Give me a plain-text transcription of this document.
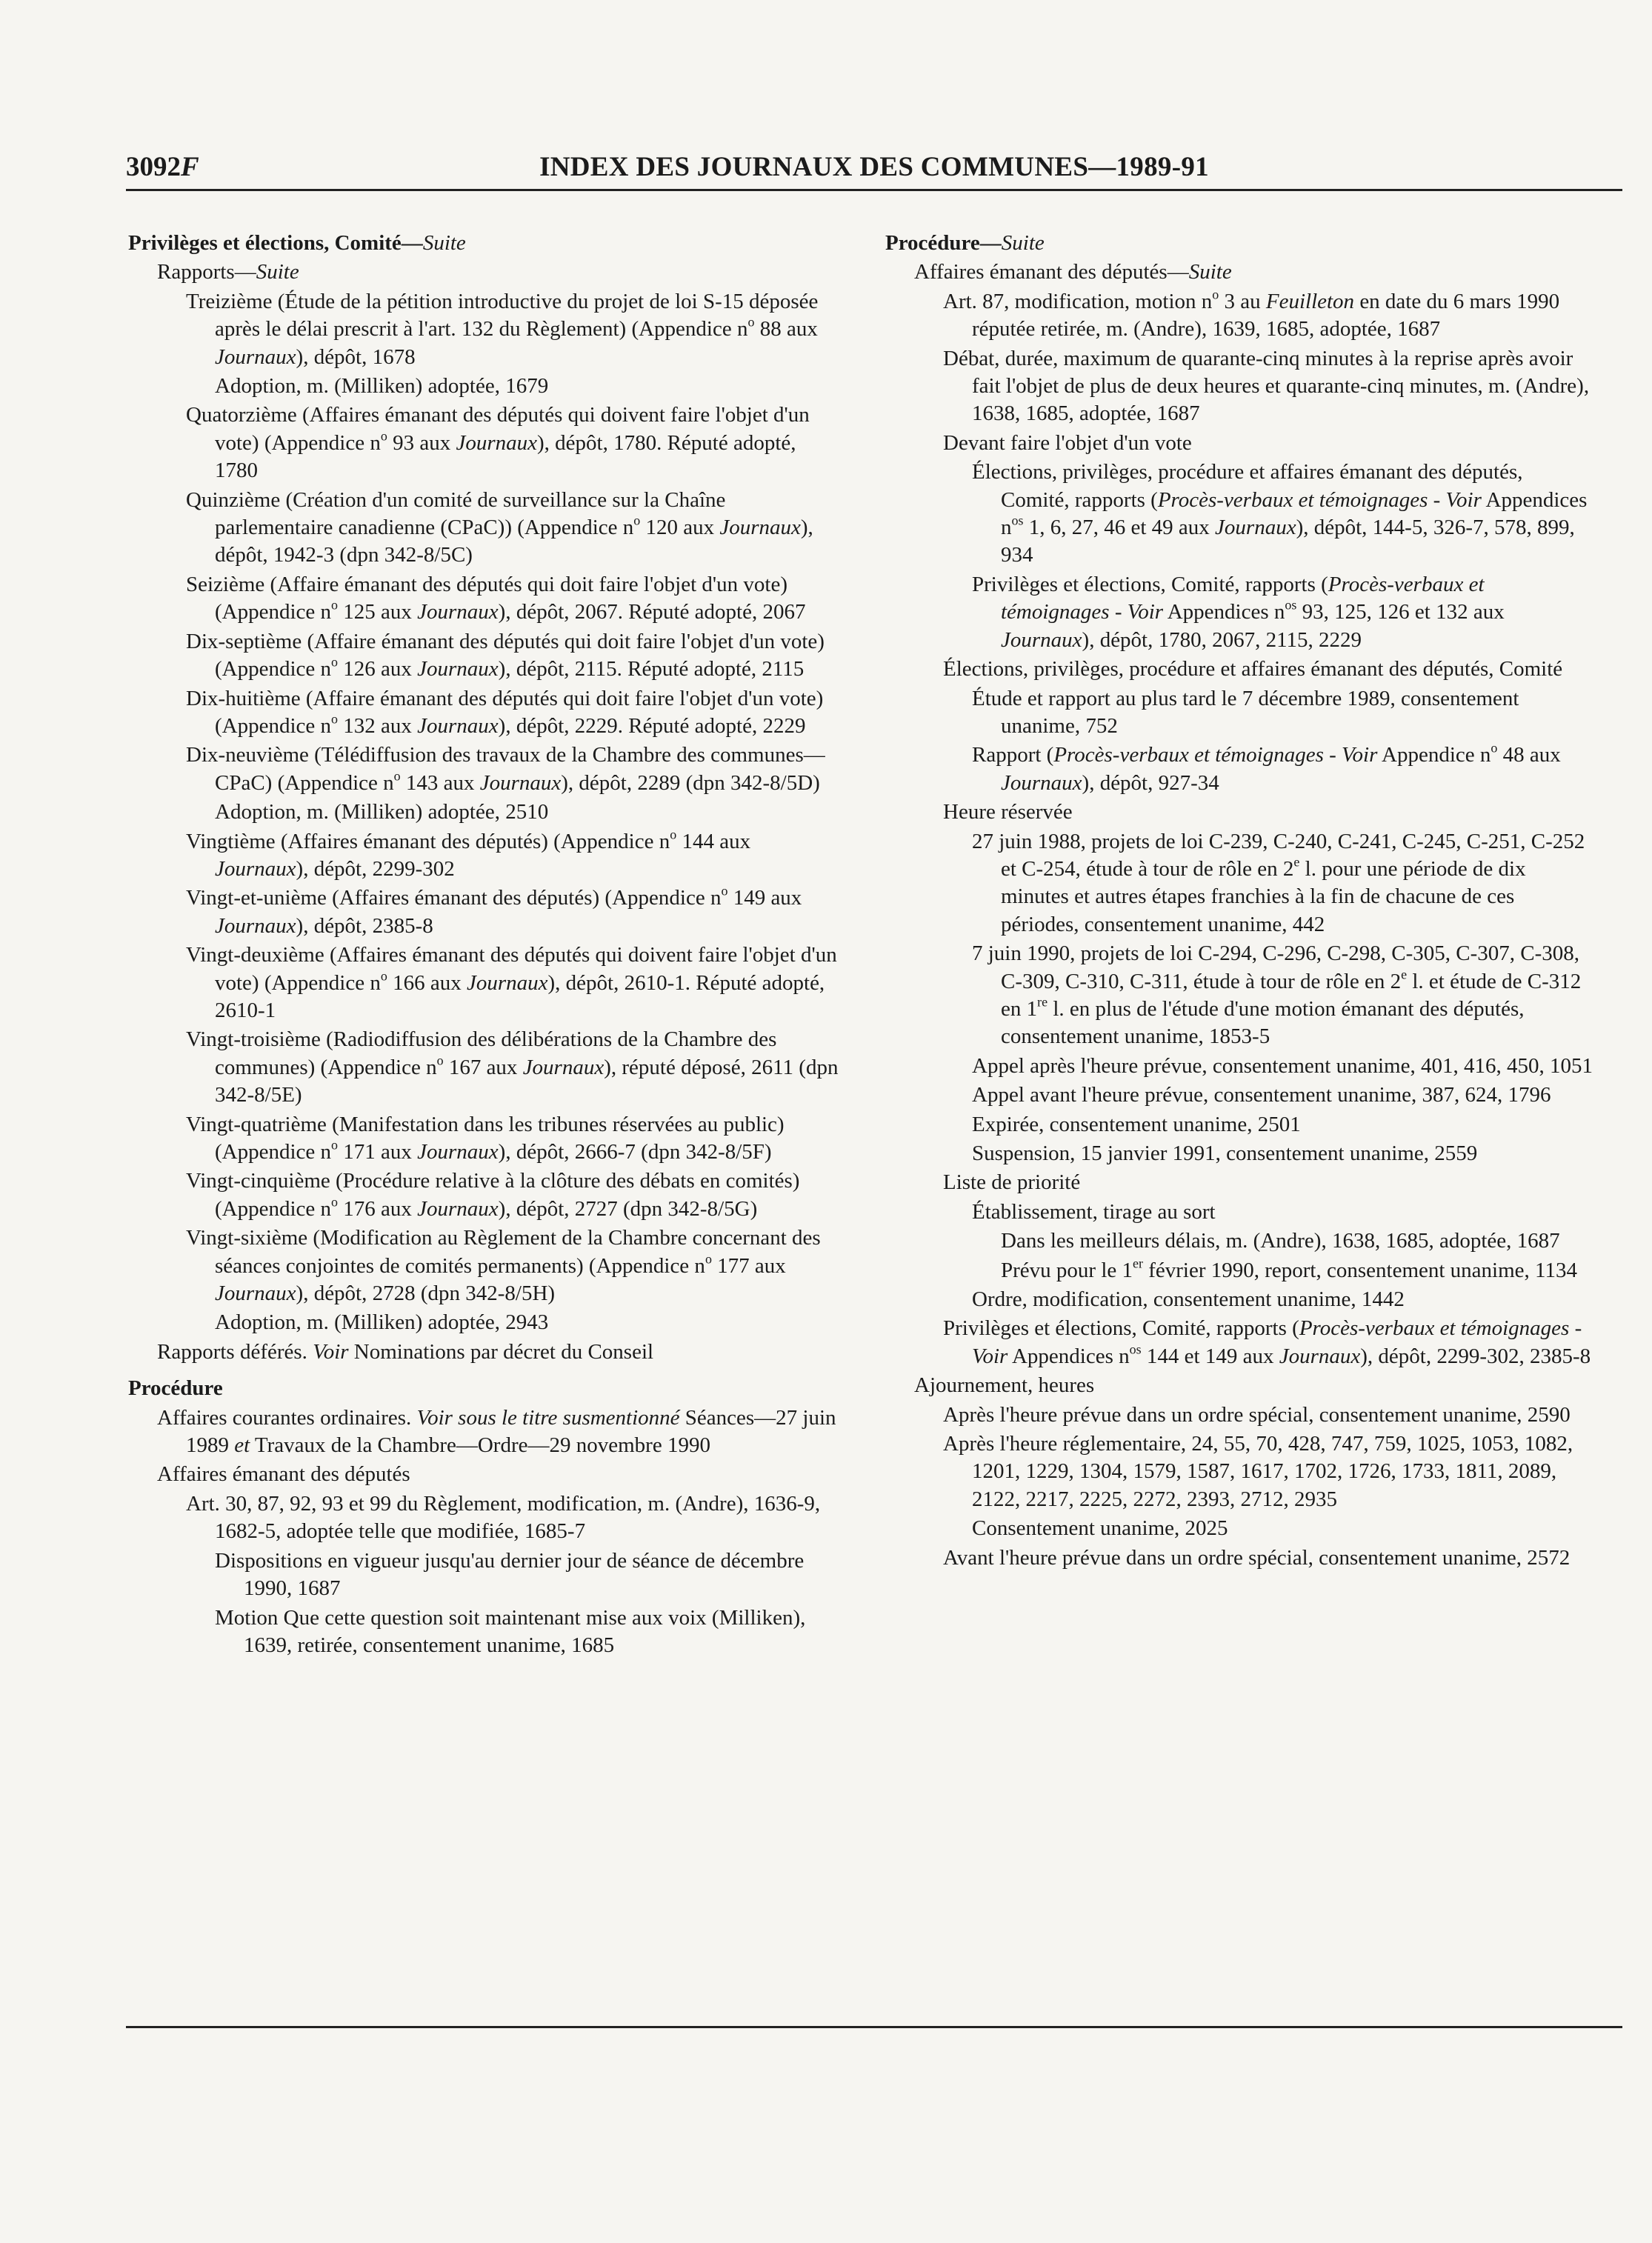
3092F	INDEX DES JOURNAUX DES COMMUNES—1989-91

Privilèges et élections, Comité—Suite

Rapports—Suite

Treizième (Étude de la pétition introductive du projet de loi S-15 déposée après le délai prescrit à l'art. 132 du Règlement) (Appendice $n^o$ 88 aux Journaux), dépôt, 1678

Adoption, m. (Milliken) adoptée, 1679

Quatorzième (Affaires émanant des députés qui doivent faire l'objet d'un vote) (Appendice $n^o$ 93 aux Journaux), dépôt, 1780. Réputé adopté, 1780

Quinzième (Création d'un comité de surveillance sur la Chaîne parlementaire canadienne (CPaC)) (Appendice $n^o$ 120 aux Journaux), dépôt, 1942-3 (dpn 342-8/5C)

Seizième (Affaire émanant des députés qui doit faire l'objet d'un vote) (Appendice $n^o$ 125 aux Journaux), dépôt, 2067. Réputé adopté, 2067

Dix-septième (Affaire émanant des députés qui doit faire l'objet d'un vote) (Appendice $n^o$ 126 aux Journaux), dépôt, 2115. Réputé adopté, 2115

Dix-huitième (Affaire émanant des députés qui doit faire l'objet d'un vote) (Appendice $n^o$ 132 aux Journaux), dépôt, 2229. Réputé adopté, 2229

Dix-neuvième (Télédiffusion des travaux de la Chambre des communes—CPaC) (Appendice $n^o$ 143 aux Journaux), dépôt, 2289 (dpn 342-8/5D)

Adoption, m. (Milliken) adoptée, 2510

Vingtième (Affaires émanant des députés) (Appendice $n^o$ 144 aux Journaux), dépôt, 2299-302

Vingt-et-unième (Affaires émanant des députés) (Appendice $n^o$ 149 aux Journaux), dépôt, 2385-8

Vingt-deuxième (Affaires émanant des députés qui doivent faire l'objet d'un vote) (Appendice $n^o$ 166 aux Journaux), dépôt, 2610-1. Réputé adopté, 2610-1

Vingt-troisième (Radiodiffusion des délibérations de la Chambre des communes) (Appendice $n^o$ 167 aux Journaux), réputé déposé, 2611 (dpn 342-8/5E)

Vingt-quatrième (Manifestation dans les tribunes réservées au public) (Appendice $n^o$ 171 aux Journaux), dépôt, 2666-7 (dpn 342-8/5F)

Vingt-cinquième (Procédure relative à la clôture des débats en comités) (Appendice $n^o$ 176 aux Journaux), dépôt, 2727 (dpn 342-8/5G)

Vingt-sixième (Modification au Règlement de la Chambre concernant des séances conjointes de comités permanents) (Appendice $n^o$ 177 aux Journaux), dépôt, 2728 (dpn 342-8/5H)

Adoption, m. (Milliken) adoptée, 2943

Rapports déférés. Voir Nominations par décret du Conseil

Procédure

Affaires courantes ordinaires. Voir sous le titre susmentionné Séances—27 juin 1989 et Travaux de la Chambre—Ordre—29 novembre 1990

Affaires émanant des députés

Art. 30, 87, 92, 93 et 99 du Règlement, modification, m. (Andre), 1636-9, 1682-5, adoptée telle que modifiée, 1685-7

Dispositions en vigueur jusqu'au dernier jour de séance de décembre 1990, 1687

Motion Que cette question soit maintenant mise aux voix (Milliken), 1639, retirée, consentement unanime, 1685

Procédure—Suite

Affaires émanant des députés—Suite

Art. 87, modification, motion $n^o$ 3 au Feuilleton en date du 6 mars 1990 réputée retirée, m. (Andre), 1639, 1685, adoptée, 1687

Débat, durée, maximum de quarante-cinq minutes à la reprise après avoir fait l'objet de plus de deux heures et quarante-cinq minutes, m. (Andre), 1638, 1685, adoptée, 1687

Devant faire l'objet d'un vote

Élections, privilèges, procédure et affaires émanant des députés, Comité, rapports (Procès-verbaux et témoignages - Voir Appendices $n^{os}$ 1, 6, 27, 46 et 49 aux Journaux), dépôt, 144-5, 326-7, 578, 899, 934

Privilèges et élections, Comité, rapports (Procès-verbaux et témoignages - Voir Appendices $n^{os}$ 93, 125, 126 et 132 aux Journaux), dépôt, 1780, 2067, 2115, 2229

Élections, privilèges, procédure et affaires émanant des députés, Comité

Étude et rapport au plus tard le 7 décembre 1989, consentement unanime, 752

Rapport (Procès-verbaux et témoignages - Voir Appendice $n^o$ 48 aux Journaux), dépôt, 927-34

Heure réservée

27 juin 1988, projets de loi C-239, C-240, C-241, C-245, C-251, C-252 et C-254, étude à tour de rôle en 2e l. pour une période de dix minutes et autres étapes franchies à la fin de chacune de ces périodes, consentement unanime, 442

7 juin 1990, projets de loi C-294, C-296, C-298, C-305, C-307, C-308, C-309, C-310, C-311, étude à tour de rôle en 2e l. et étude de C-312 en 1re l. en plus de l'étude d'une motion émanant des députés, consentement unanime, 1853-5

Appel après l'heure prévue, consentement unanime, 401, 416, 450, 1051

Appel avant l'heure prévue, consentement unanime, 387, 624, 1796

Expirée, consentement unanime, 2501

Suspension, 15 janvier 1991, consentement unanime, 2559

Liste de priorité

Établissement, tirage au sort

Dans les meilleurs délais, m. (Andre), 1638, 1685, adoptée, 1687

Prévu pour le 1er février 1990, report, consentement unanime, 1134

Ordre, modification, consentement unanime, 1442

Privilèges et élections, Comité, rapports (Procès-verbaux et témoignages - Voir Appendices $n^{os}$ 144 et 149 aux Journaux), dépôt, 2299-302, 2385-8

Ajournement, heures

Après l'heure prévue dans un ordre spécial, consentement unanime, 2590

Après l'heure réglementaire, 24, 55, 70, 428, 747, 759, 1025, 1053, 1082, 1201, 1229, 1304, 1579, 1587, 1617, 1702, 1726, 1733, 1811, 2089, 2122, 2217, 2225, 2272, 2393, 2712, 2935

Consentement unanime, 2025

Avant l'heure prévue dans un ordre spécial, consentement unanime, 2572
